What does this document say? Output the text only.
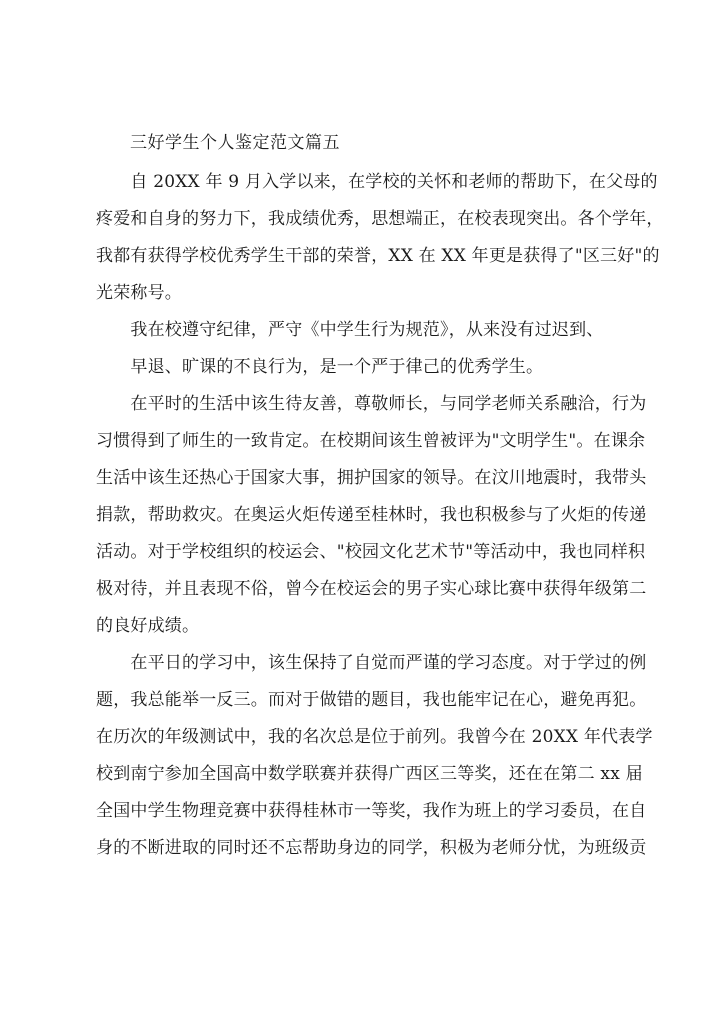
三好学生个人鉴定范文篇五
　　自 20XX 年 9 月入学以来，在学校的关怀和老师的帮助下，在父母的
疼爱和自身的努力下，我成绩优秀，思想端正，在校表现突出。各个学年，
我都有获得学校优秀学生干部的荣誉，XX 在 XX 年更是获得了"区三好"的
光荣称号。
　　我在校遵守纪律，严守《中学生行为规范》，从来没有过迟到、
　　早退、旷课的不良行为，是一个严于律己的优秀学生。
　　在平时的生活中该生待友善，尊敬师长，与同学老师关系融洽，行为
习惯得到了师生的一致肯定。在校期间该生曾被评为"文明学生"。在课余
生活中该生还热心于国家大事，拥护国家的领导。在汶川地震时，我带头
捐款，帮助救灾。在奥运火炬传递至桂林时，我也积极参与了火炬的传递
活动。对于学校组织的校运会、"校园文化艺术节"等活动中，我也同样积
极对待，并且表现不俗，曾今在校运会的男子实心球比赛中获得年级第二
的良好成绩。
　　在平日的学习中，该生保持了自觉而严谨的学习态度。对于学过的例
题，我总能举一反三。而对于做错的题目，我也能牢记在心，避免再犯。
在历次的年级测试中，我的名次总是位于前列。我曾今在 20XX 年代表学
校到南宁参加全国高中数学联赛并获得广西区三等奖，还在在第二 xx 届
全国中学生物理竞赛中获得桂林市一等奖，我作为班上的学习委员，在自
身的不断进取的同时还不忘帮助身边的同学，积极为老师分忧，为班级贡
